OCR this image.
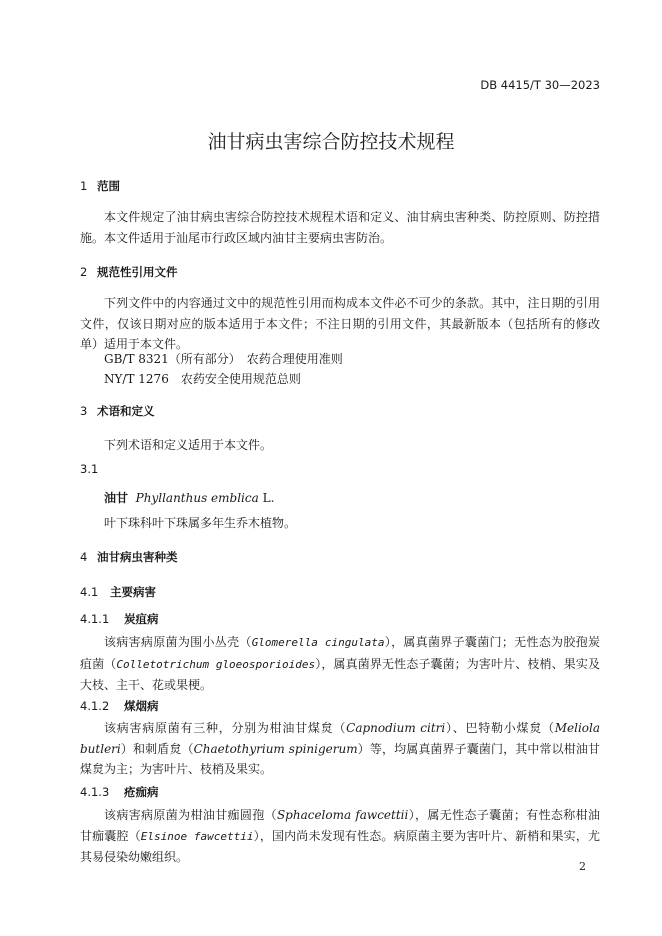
DB 4415/T 30—2023
油甘病虫害综合防控技术规程
1 范围
本文件规定了油甘病虫害综合防控技术规程术语和定义、油甘病虫害种类、防控原则、防控措施。 本文件适用于汕尾市行政区域内油甘主要病虫害防治。
2 规范性引用文件
下列文件中的内容通过文中的规范性引用而构成本文件必不可少的条款。其中，注日期的引用文件，仅该日期对应的版本适用于本文件；不注日期的引用文件，其最新版本（包括所有的修改单）适用于本文件。
GB/T 8321（所有部分）　农药合理使用准则
NY/T 1276　农药安全使用规范总则
3 术语和定义
下列术语和定义适用于本文件。
3.1
油甘 Phyllanthus emblica L.
叶下珠科叶下珠属多年生乔木植物。
4 油甘病虫害种类
4.1 主要病害
4.1.1 炭疽病
该病害病原菌为围小丛壳（Glomerella cingulata），属真菌界子囊菌门；无性态为胶孢炭疽菌（Colletotrichum gloeosporioides），属真菌界无性态子囊菌；为害叶片、枝梢、果实及大枝、主干、花或果梗。
4.1.2 煤烟病
该病害病原菌有三种，分别为柑油甘煤炱（Capnodium citri）、巴特勒小煤炱（Meliola butleri）和刺盾炱（Chaetothyrium spinigerum）等，均属真菌界子囊菌门，其中常以柑油甘煤炱为主；为害叶片、枝梢及果实。
4.1.3 疮痂病
该病害病原菌为柑油甘痂圆孢（Sphaceloma fawcettii），属无性态子囊菌；有性态称柑油甘痂囊腔（Elsinoe fawcettii），国内尚未发现有性态。病原菌主要为害叶片、新梢和果实，尤其易侵染幼嫩组织。
2
